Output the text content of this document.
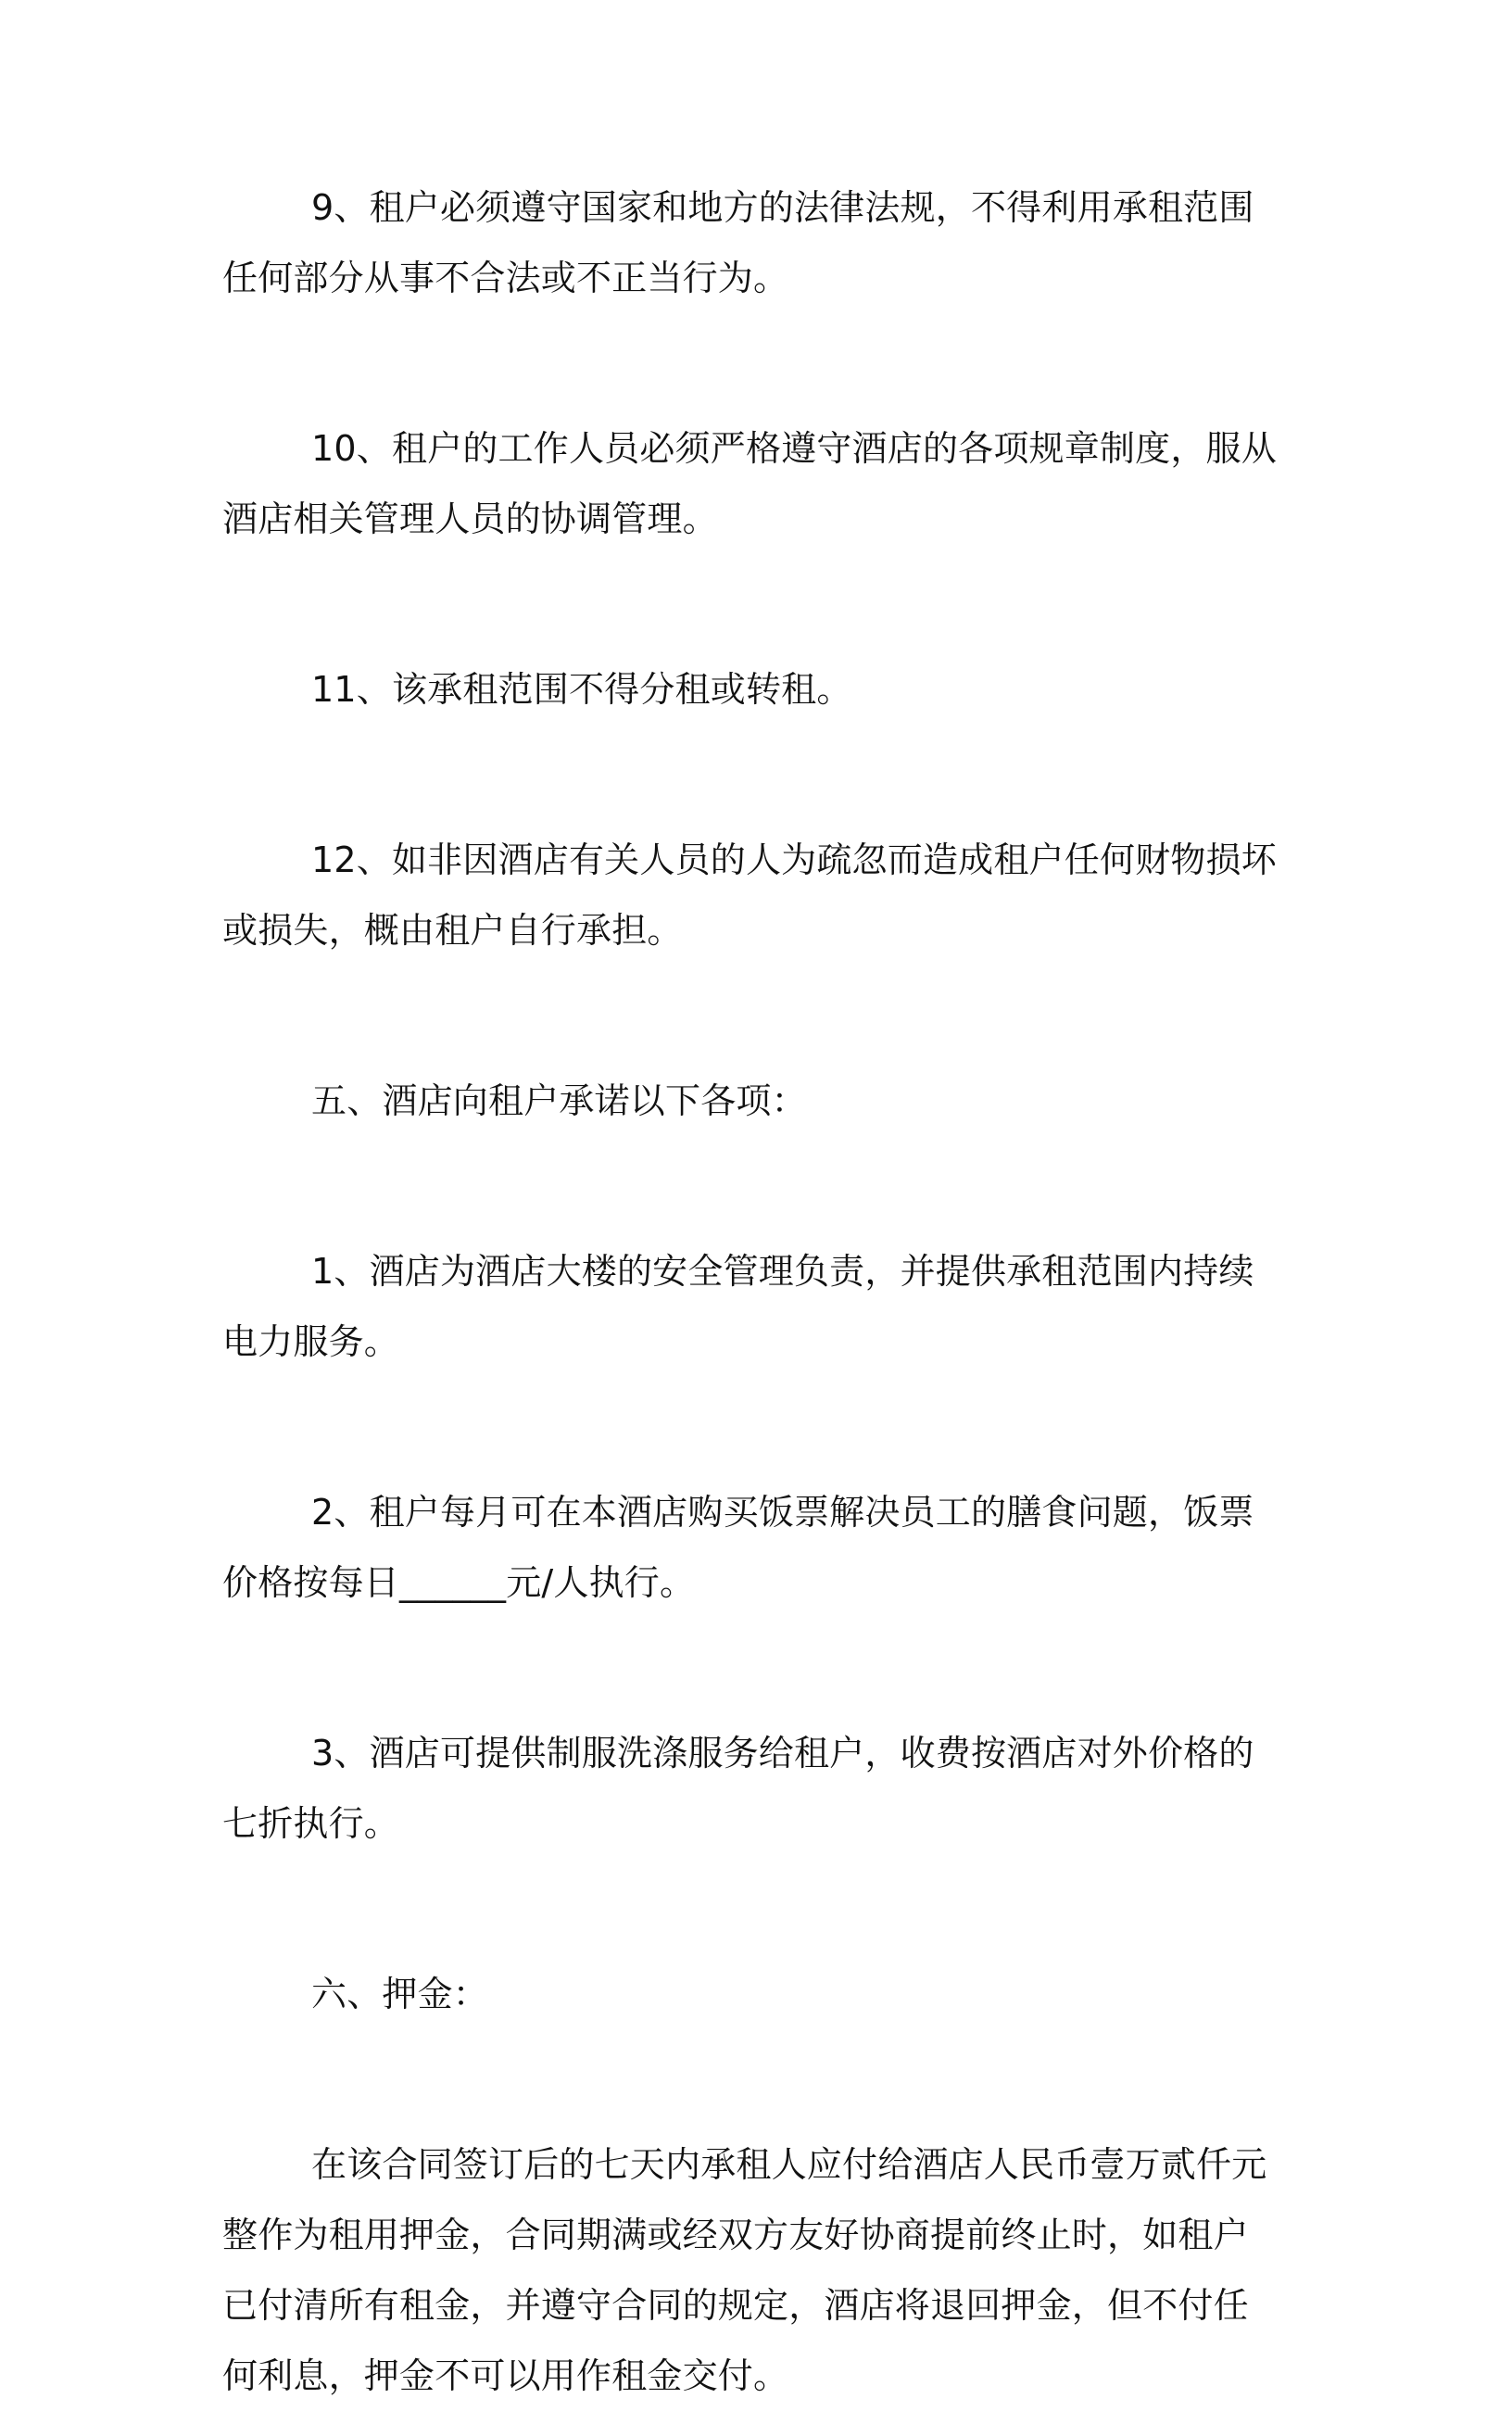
9、租户必须遵守国家和地方的法律法规，不得利用承租范围任何部分从事不合法或不正当行为。

10、租户的工作人员必须严格遵守酒店的各项规章制度，服从酒店相关管理人员的协调管理。

11、该承租范围不得分租或转租。

12、如非因酒店有关人员的人为疏忽而造成租户任何财物损坏或损失，概由租户自行承担。

五、酒店向租户承诺以下各项：

1、酒店为酒店大楼的安全管理负责，并提供承租范围内持续电力服务。

2、租户每月可在本酒店购买饭票解决员工的膳食问题，饭票价格按每日______元/人执行。

3、酒店可提供制服洗涤服务给租户，收费按酒店对外价格的七折执行。

六、押金：

在该合同签订后的七天内承租人应付给酒店人民币壹万贰仟元整作为租用押金，合同期满或经双方友好协商提前终止时，如租户已付清所有租金，并遵守合同的规定，酒店将退回押金，但不付任何利息，押金不可以用作租金交付。
